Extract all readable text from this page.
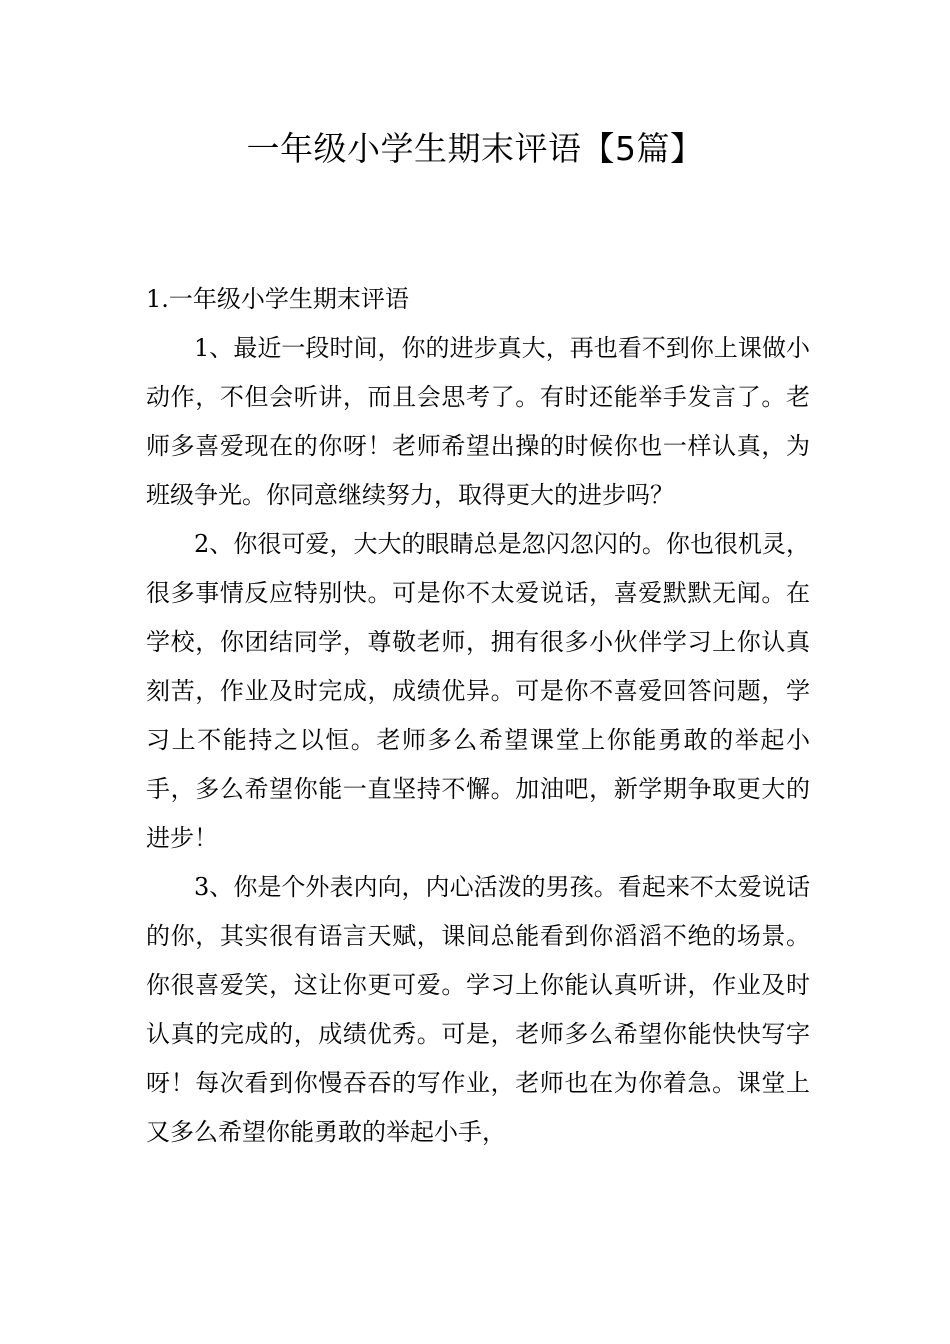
一年级小学生期末评语【5篇】

1.一年级小学生期末评语

1、最近一段时间，你的进步真大，再也看不到你上课做小动作，不但会听讲，而且会思考了。有时还能举手发言了。老师多喜爱现在的你呀！老师希望出操的时候你也一样认真，为班级争光。你同意继续努力，取得更大的进步吗？

2、你很可爱，大大的眼睛总是忽闪忽闪的。你也很机灵，很多事情反应特别快。可是你不太爱说话，喜爱默默无闻。在学校，你团结同学，尊敬老师，拥有很多小伙伴学习上你认真刻苦，作业及时完成，成绩优异。可是你不喜爱回答问题，学习上不能持之以恒。老师多么希望课堂上你能勇敢的举起小手，多么希望你能一直坚持不懈。加油吧，新学期争取更大的进步！

3、你是个外表内向，内心活泼的男孩。看起来不太爱说话的你，其实很有语言天赋，课间总能看到你滔滔不绝的场景。你很喜爱笑，这让你更可爱。学习上你能认真听讲，作业及时认真的完成的，成绩优秀。可是，老师多么希望你能快快写字呀！每次看到你慢吞吞的写作业，老师也在为你着急。课堂上又多么希望你能勇敢的举起小手，
